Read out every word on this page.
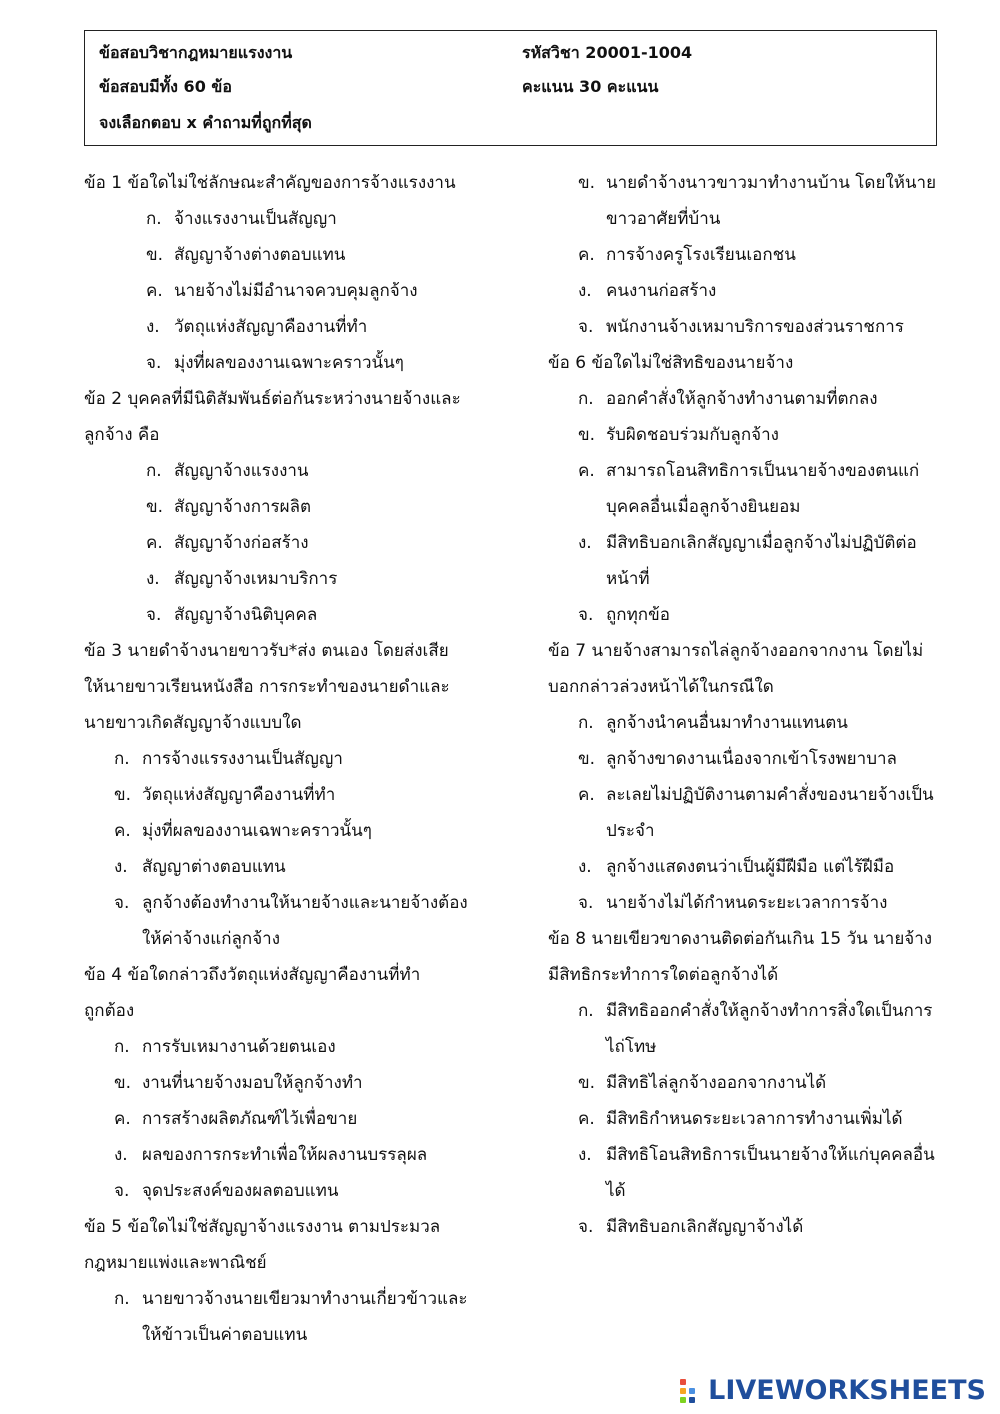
ข้อสอบวิชากฎหมายแรงงาน
ข้อสอบมีทั้ง 60 ข้อ
จงเลือกตอบ x คำถามที่ถูกที่สุด
รหัสวิชา 20001-1004
คะแนน 30 คะแนน
ข้อ 1 ข้อใดไม่ใช่ลักษณะสำคัญของการจ้างแรงงาน
ก. จ้างแรงงานเป็นสัญญา
ข. สัญญาจ้างต่างตอบแทน
ค. นายจ้างไม่มีอำนาจควบคุมลูกจ้าง
ง. วัตถุแห่งสัญญาคืองานที่ทำ
จ. มุ่งที่ผลของงานเฉพาะคราวนั้นๆ
ข้อ 2 บุคคลที่มีนิติสัมพันธ์ต่อกันระหว่างนายจ้างและ
ลูกจ้าง คือ
ก. สัญญาจ้างแรงงาน
ข. สัญญาจ้างการผลิต
ค. สัญญาจ้างก่อสร้าง
ง. สัญญาจ้างเหมาบริการ
จ. สัญญาจ้างนิติบุคคล
ข้อ 3 นายดำจ้างนายขาวรับ*ส่ง ตนเอง โดยส่งเสีย
ให้นายขาวเรียนหนังสือ การกระทำของนายดำและ
นายขาวเกิดสัญญาจ้างแบบใด
ก. การจ้างแรรงงานเป็นสัญญา
ข. วัตถุแห่งสัญญาคืองานที่ทำ
ค. มุ่งที่ผลของงานเฉพาะคราวนั้นๆ
ง. สัญญาต่างตอบแทน
จ. ลูกจ้างต้องทำงานให้นายจ้างและนายจ้างต้อง
ให้ค่าจ้างแก่ลูกจ้าง
ข้อ 4 ข้อใดกล่าวถึงวัตถุแห่งสัญญาคืองานที่ทำ
ถูกต้อง
ก. การรับเหมางานด้วยตนเอง
ข. งานที่นายจ้างมอบให้ลูกจ้างทำ
ค. การสร้างผลิตภัณฑ์ไว้เพื่อขาย
ง. ผลของการกระทำเพื่อให้ผลงานบรรลุผล
จ. จุดประสงค์ของผลตอบแทน
ข้อ 5 ข้อใดไม่ใช่สัญญาจ้างแรงงาน ตามประมวล
กฎหมายแพ่งและพาณิชย์
ก. นายขาวจ้างนายเขียวมาทำงานเกี่ยวข้าวและ
ให้ข้าวเป็นค่าตอบแทน
ข. นายดำจ้างนาวขาวมาทำงานบ้าน โดยให้นาย
ขาวอาศัยที่บ้าน
ค. การจ้างครูโรงเรียนเอกชน
ง. คนงานก่อสร้าง
จ. พนักงานจ้างเหมาบริการของส่วนราชการ
ข้อ 6 ข้อใดไม่ใช่สิทธิของนายจ้าง
ก. ออกคำสั่งให้ลูกจ้างทำงานตามที่ตกลง
ข. รับผิดชอบร่วมกับลูกจ้าง
ค. สามารถโอนสิทธิการเป็นนายจ้างของตนแก่
บุคคลอื่นเมื่อลูกจ้างยินยอม
ง. มีสิทธิบอกเลิกสัญญาเมื่อลูกจ้างไม่ปฏิบัติต่อ
หน้าที่
จ. ถูกทุกข้อ
ข้อ 7 นายจ้างสามารถไล่ลูกจ้างออกจากงาน โดยไม่
บอกกล่าวล่วงหน้าได้ในกรณีใด
ก. ลูกจ้างนำคนอื่นมาทำงานแทนตน
ข. ลูกจ้างขาดงานเนื่องจากเข้าโรงพยาบาล
ค. ละเลยไม่ปฏิบัติงานตามคำสั่งของนายจ้างเป็น
ประจำ
ง. ลูกจ้างแสดงตนว่าเป็นผู้มีฝีมือ แต่ไร้ฝีมือ
จ. นายจ้างไม่ได้กำหนดระยะเวลาการจ้าง
ข้อ 8 นายเขียวขาดงานติดต่อกันเกิน 15 วัน นายจ้าง
มีสิทธิกระทำการใดต่อลูกจ้างได้
ก. มีสิทธิออกคำสั่งให้ลูกจ้างทำการสิ่งใดเป็นการ
ไถ่โทษ
ข. มีสิทธิไล่ลูกจ้างออกจากงานได้
ค. มีสิทธิกำหนดระยะเวลาการทำงานเพิ่มได้
ง. มีสิทธิโอนสิทธิการเป็นนายจ้างให้แก่บุคคลอื่น
ได้
จ. มีสิทธิบอกเลิกสัญญาจ้างได้
LIVEWORKSHEETS
